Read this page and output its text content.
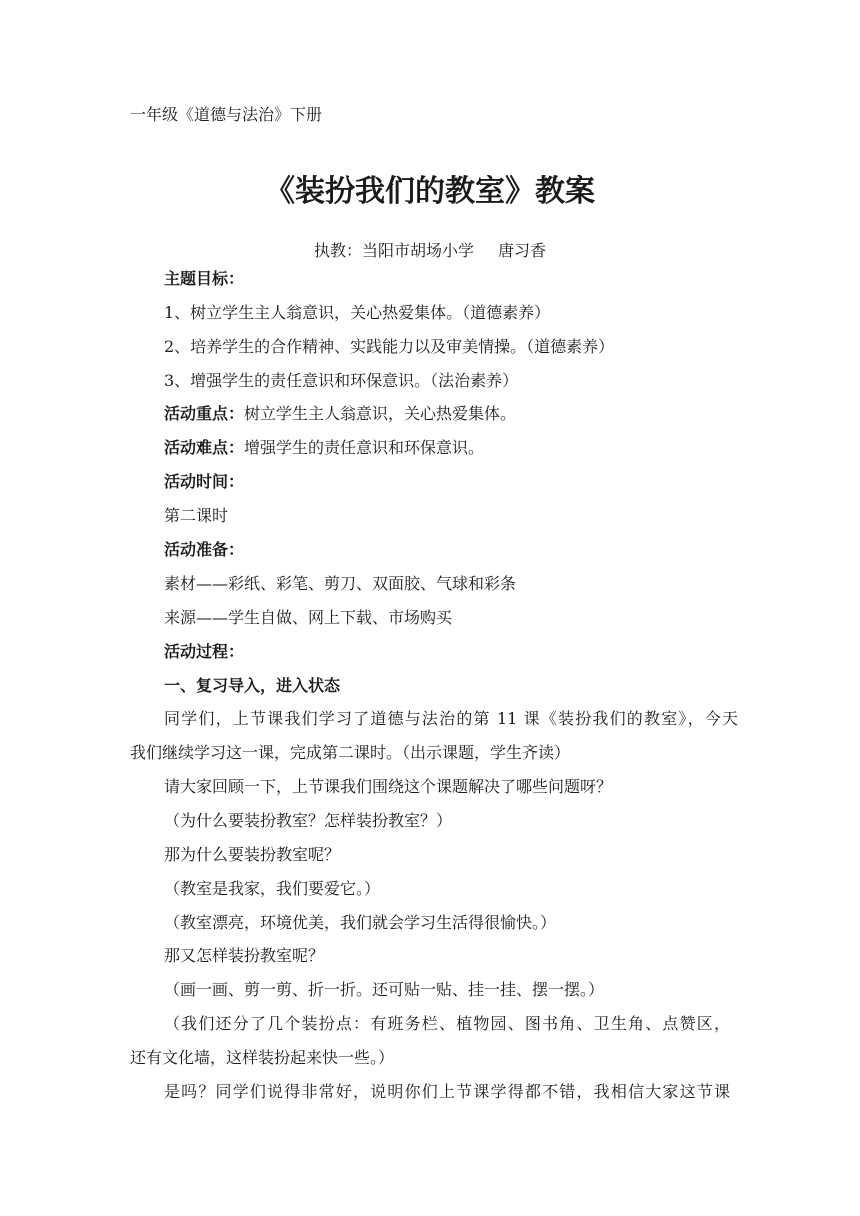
一年级《道德与法治》下册
《装扮我们的教室》教案
执教：当阳市胡场小学 唐习香
主题目标：
1、树立学生主人翁意识，关心热爱集体。（道德素养）
2、培养学生的合作精神、实践能力以及审美情操。（道德素养）
3、增强学生的责任意识和环保意识。（法治素养）
活动重点：树立学生主人翁意识，关心热爱集体。
活动难点：增强学生的责任意识和环保意识。
活动时间：
第二课时
活动准备：
素材——彩纸、彩笔、剪刀、双面胶、气球和彩条
来源——学生自做、网上下载、市场购买
活动过程：
一、复习导入，进入状态
同学们，上节课我们学习了道德与法治的第 11 课《装扮我们的教室》，今天
我们继续学习这一课，完成第二课时。（出示课题，学生齐读）
请大家回顾一下，上节课我们围绕这个课题解决了哪些问题呀？
（为什么要装扮教室？怎样装扮教室？）
那为什么要装扮教室呢？
（教室是我家，我们要爱它。）
（教室漂亮，环境优美，我们就会学习生活得很愉快。）
那又怎样装扮教室呢？
（画一画、剪一剪、折一折。还可贴一贴、挂一挂、摆一摆。）
（我们还分了几个装扮点：有班务栏、植物园、图书角、卫生角、点赞区，
还有文化墙，这样装扮起来快一些。）
是吗？同学们说得非常好，说明你们上节课学得都不错，我相信大家这节课
